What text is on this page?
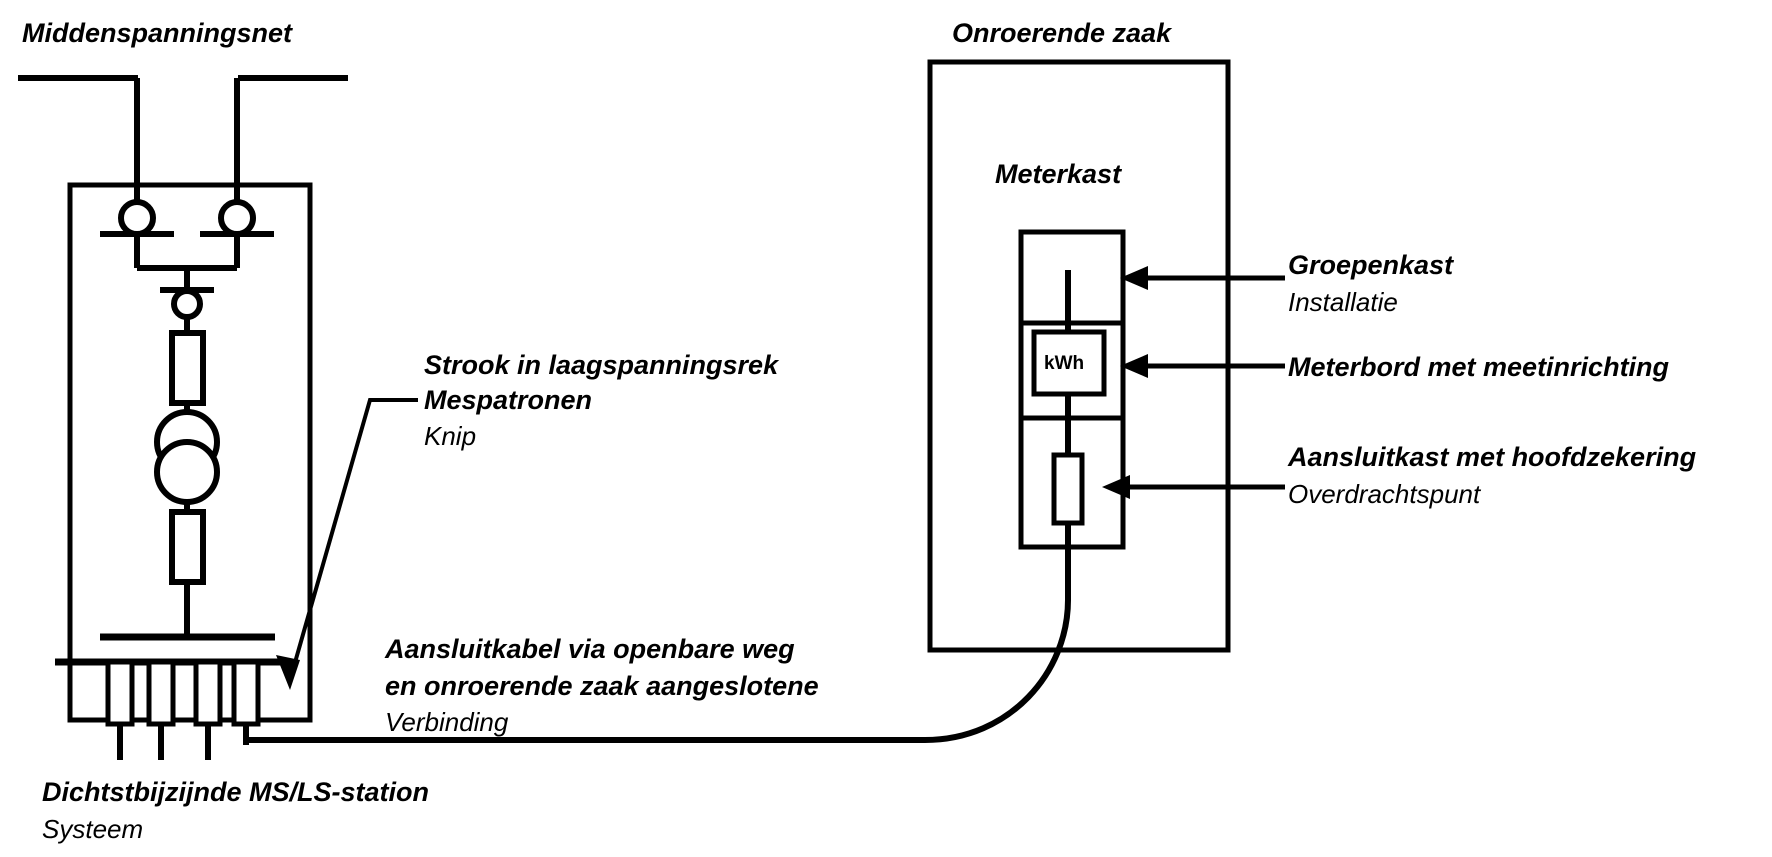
Middenspanningsnet	Onroerende zaak
Meterkast
kWh
Strook in laagspanningsrek
Mespatronen
Knip
Aansluitkabel via openbare weg
en onroerende zaak aangeslotene
Verbinding
Dichtstbijzijnde MS/LS-station
Systeem
Groepenkast
Installatie
Meterbord met meetinrichting
Aansluitkast met hoofdzekering
Overdrachtspunt
